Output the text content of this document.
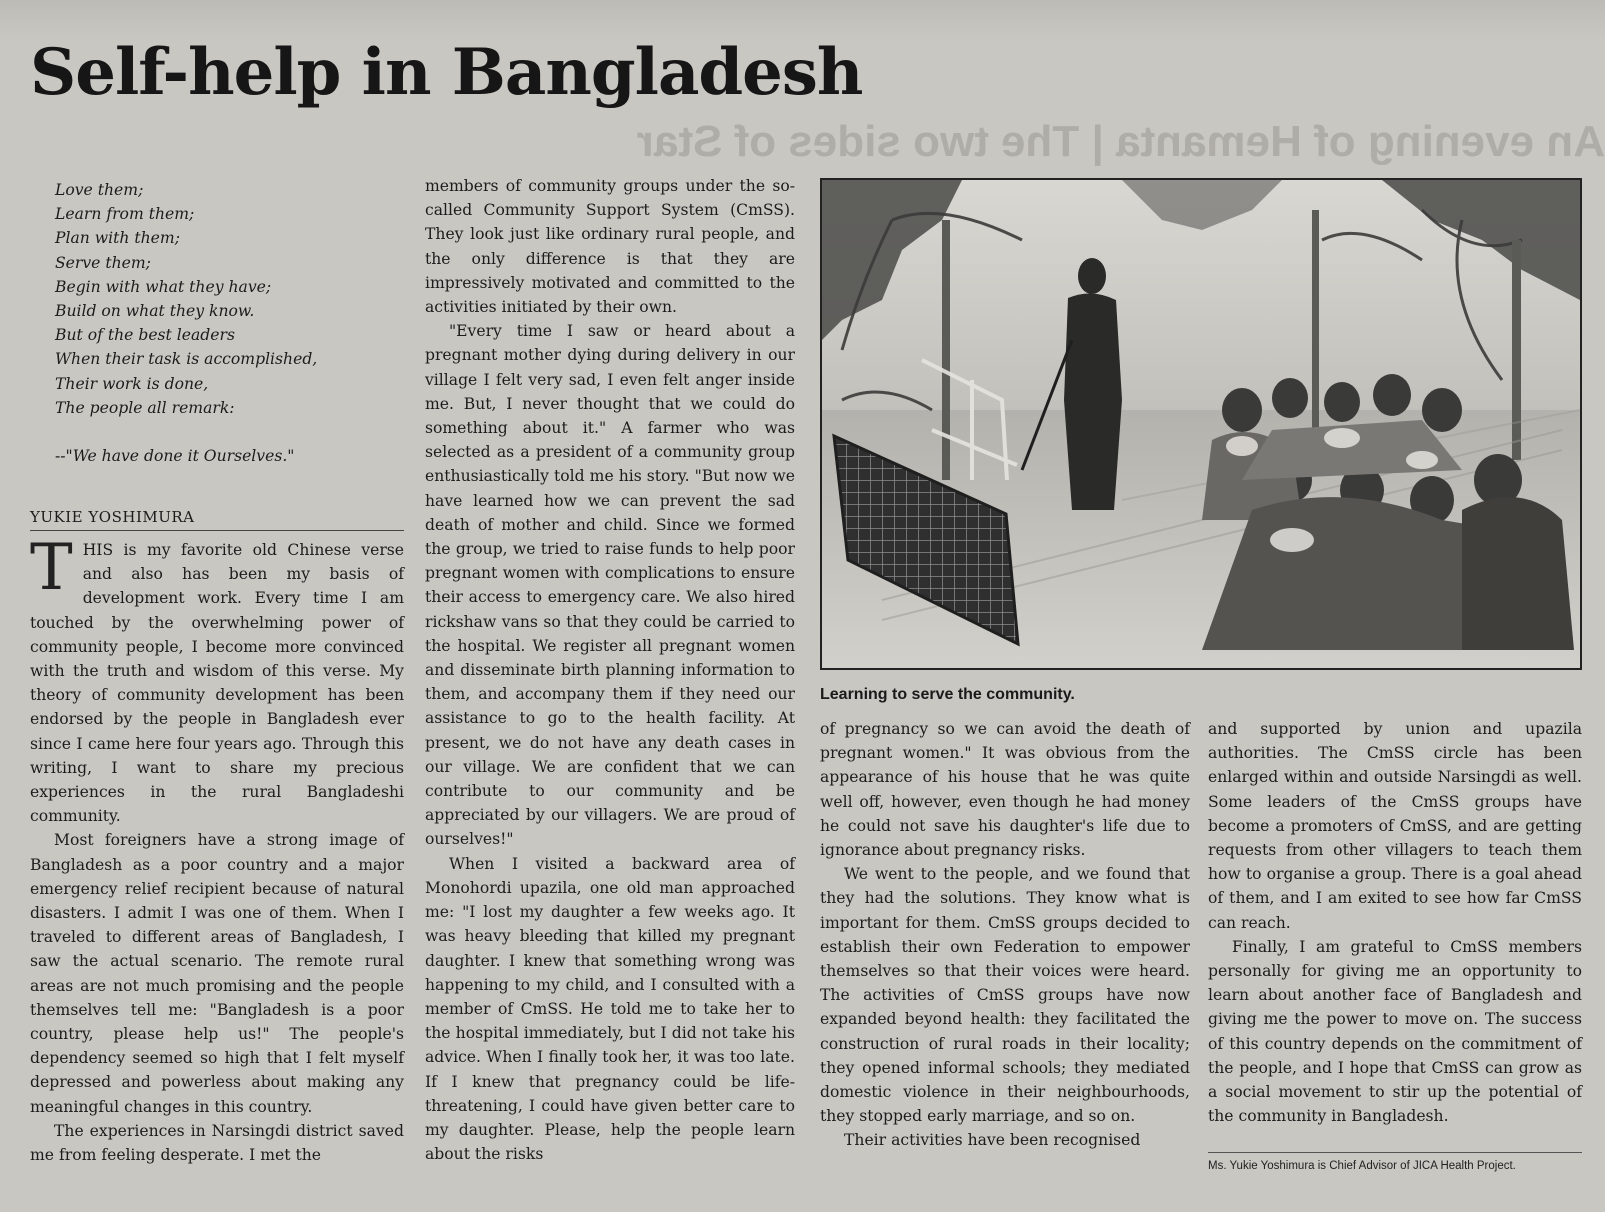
An evening of Hemanta | The two sides of Star
Self-help in Bangladesh
Love them;
Learn from them;
Plan with them;
Serve them;
Begin with what they have;
Build on what they know.
But of the best leaders
When their task is accomplished,
Their work is done,
The people all remark:
--"We have done it Ourselves."
YUKIE YOSHIMURA

THIS is my favorite old Chinese verse and also has been my basis of development work. Every time I am touched by the overwhelming power of community people, I become more convinced with the truth and wisdom of this verse. My theory of community development has been endorsed by the people in Bangladesh ever since I came here four years ago. Through this writing, I want to share my precious experiences in the rural Bangladeshi community.

Most foreigners have a strong image of Bangladesh as a poor country and a major emergency relief recipient because of natural disasters. I admit I was one of them. When I traveled to different areas of Bangladesh, I saw the actual scenario. The remote rural areas are not much promising and the people themselves tell me: "Bangladesh is a poor country, please help us!" The people's dependency seemed so high that I felt myself depressed and powerless about making any meaningful changes in this country.

The experiences in Narsingdi district saved me from feeling desperate. I met the

members of community groups under the so-called Community Support System (CmSS). They look just like ordinary rural people, and the only difference is that they are impressively motivated and committed to the activities initiated by their own.

"Every time I saw or heard about a pregnant mother dying during delivery in our village I felt very sad, I even felt anger inside me. But, I never thought that we could do something about it." A farmer who was selected as a president of a community group enthusiastically told me his story. "But now we have learned how we can prevent the sad death of mother and child. Since we formed the group, we tried to raise funds to help poor pregnant women with complications to ensure their access to emergency care. We also hired rickshaw vans so that they could be carried to the hospital. We register all pregnant women and disseminate birth planning information to them, and accompany them if they need our assistance to go to the health facility. At present, we do not have any death cases in our village. We are confident that we can contribute to our community and be appreciated by our villagers. We are proud of ourselves!"

When I visited a backward area of Monohordi upazila, one old man approached me: "I lost my daughter a few weeks ago. It was heavy bleeding that killed my pregnant daughter. I knew that something wrong was happening to my child, and I consulted with a member of CmSS. He told me to take her to the hospital immediately, but I did not take his advice. When I finally took her, it was too late. If I knew that pregnancy could be life- threatening, I could have given better care to my daughter. Please, help the people learn about the risks

Learning to serve the community.

of pregnancy so we can avoid the death of pregnant women." It was obvious from the appearance of his house that he was quite well off, however, even though he had money he could not save his daughter's life due to ignorance about pregnancy risks.

We went to the people, and we found that they had the solutions. They know what is important for them. CmSS groups decided to establish their own Federation to empower themselves so that their voices were heard. The activities of CmSS groups have now expanded beyond health: they facilitated the construction of rural roads in their locality; they opened informal schools; they mediated domestic violence in their neighbourhoods, they stopped early marriage, and so on.

Their activities have been recognised

and supported by union and upazila authorities. The CmSS circle has been enlarged within and outside Narsingdi as well. Some leaders of the CmSS groups have become a promoters of CmSS, and are getting requests from other villagers to teach them how to organise a group. There is a goal ahead of them, and I am exited to see how far CmSS can reach.

Finally, I am grateful to CmSS members personally for giving me an opportunity to learn about another face of Bangladesh and giving me the power to move on. The success of this country depends on the commitment of the people, and I hope that CmSS can grow as a social movement to stir up the potential of the community in Bangladesh.

Ms. Yukie Yoshimura is Chief Advisor of JICA Health Project.
